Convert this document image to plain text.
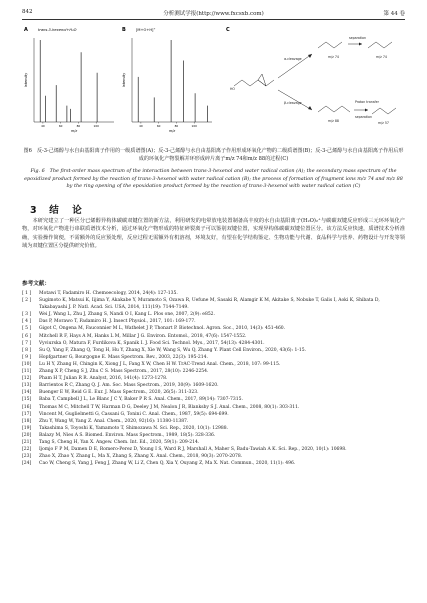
842	分析测试学报(http://www.fxcsxb.com)	第 44 卷
A	trans-3-hexenol+H₂O
Intensity
40	60	80	100
m/z
B	[M+O+H]⁺
Intensity
40	60	80	100
m/z
C
HO
α-cleavage
β-cleavage
m/z 74
separation
m/z 74
m/z 88
Proton transfer
separation
m/z 57
图6　反-3-己烯醇与水自由基阳离子作用的一级质谱图(A)；反-3-己烯醇与水自由基阳离子作用形成环氧化产物的二级质谱图(B)；反-3-己烯醇与水自由基阳离子作用后形成的环氧化产物裂解并环形成碎片离子m/z 74和m/z 88的过程(C)
Fig. 6　The first-order mass spectrum of the interaction between trans-3-hexenol and water radical cation (A); the secondary mass spectrum of the epoxidized product formed by the reaction of trans-3-hexenol with water radical cation (B); the process of formation of fragment ions m/z 74 and m/z 88 by the ring opening of the epoxidation product formed by the reaction of trans-3-hexenol with water radical cation (C)
3 结　论
本研究建立了一种区分已烯醇异构体碳碳双键位置的新方法，利用研发的电晕放电装置制备高丰度的水自由基阳离子(H₂O)₂⁺与碳碳双键反应形成三元环环氧化产物，对环氧化产物进行串联质谱技术分析，通过环氧化产物形成的特征碎裂离子可以鉴别双键位置，实现异构体碳碳双键位置区分。该方法反应快速，质谱技术分析准确，实验操作简便，不需额外的反应预处理，反应过程无需额外有机溶剂，环境友好，有望在化学结构鉴定、生物功能与代谢、食品科学与营养、药物设计与开发等领域为双键位置区分提供研究价值。
参考文献：
[ 1 ] Motawi T, Fadamiro H. Chemoecology, 2014, 24(4): 127-135.
[ 2 ] Sugimoto K, Matsui K, Iijima Y, Akakabe Y, Muramoto S, Ozawa R, Uefune M, Sasaki R, Alamgir K M, Akitake S, Nobuke T, Galis I, Aoki K, Shibata D, Takabayashi J. P. Natl. Acad. Sci. USA, 2014, 111(19): 7144-7149.
[ 3 ] Wei J, Wang L, Zhu J, Zhang S, Nandi O I, Kang L. Plos one, 2007, 2(9): e852.
[ 4 ] Das P, Morawo T, Fadamiro H. J. Insect Physiol., 2017, 101: 169-177.
[ 5 ] Gigot C, Ongena M, Fauconnier M L, Wathelet J P, Thonart P. Biotechnol. Agron. Soc., 2010, 14(3): 451-460.
[ 6 ] Mitchell R F, Hays A M, Hanks L M, Millar J G. Environ. Entomol., 2018, 47(6): 1547-1552.
[ 7 ] Vyviurska O, Matura F, Furdikova K, Spanik I. J. Food Sci. Technol. Mys., 2017, 54(13): 4284-4301.
[ 8 ] Su Q, Yang F, Zhang Q, Tong H, Hu Y, Zhang X, Xie W, Wang S, Wu Q, Zhang Y. Plant Cell Environ., 2020, 43(6): 1-15.
[ 9 ] Hopfgartner G, Bourgogne E. Mass Spectrom. Rev., 2003, 22(3): 195-214.
[10] Lu H Y, Zhang H, Chingin K, Xiong J L, Fang X W, Chen H W. TrAC-Trend Anal. Chem., 2018, 107: 99-115.
[11] Zhang X P, Cheng S J, Zhu C S. Mass Spectrom., 2017, 28(10): 2246-2254.
[12] Pham H T, Julian R R. Analyst, 2016, 141(4): 1273-1278.
[13] Barrientos R C, Zhang Q. J. Am. Soc. Mass Spectrom., 2019, 30(9): 1609-1620.
[14] Buenger E W, Reid G E. Eur. J. Mass Spectrom., 2020, 26(5): 311-323.
[15] Baba T, Campbell J L, Le Blanc J C Y, Baker P R S. Anal. Chem., 2017, 89(14): 7307-7315.
[16] Thomas M C, Mitchell T W, Harman D G, Deeley J M, Nealon J R, Blanksby S J. Anal. Chem., 2008, 80(1): 303-311.
[17] Vincent M, Guglielmetti G, Cassani G, Tonini C. Anal. Chem., 1987, 59(5): 694-699.
[18] Zhu Y, Wang W, Yang Z. Anal. Chem., 2020, 92(16): 11380-11387.
[19] Takashima S, Toyoshi K, Yamamoto T, Shimozawa N. Sci. Rep., 2020, 10(1): 12988.
[20] Balazy M, Nies A S. Biomed. Environ. Mass Spectrom., 1989, 18(5): 328-336.
[21] Tang S, Cheng H, Yan X. Angew. Chem. Int. Ed., 2020, 59(1): 209-214.
[22] Ijomjo F P M, Damen D E, Romero-Perez D, Young I S, Ward R J, Marshall A, Maher S, Badu-Tawiah A K. Sci. Rep., 2020, 10(1): 10698.
[23] Zhao X, Zhao Y, Zhang L, Ma X, Zhang S, Zhang X. Anal. Chem., 2018, 90(3): 2070-2078.
[24] Cao W, Cheng S, Yang J, Feng J, Zhang W, Li Z, Chen Q, Xia Y, Ouyang Z, Ma X. Nat. Commun., 2020, 11(1): 496.
